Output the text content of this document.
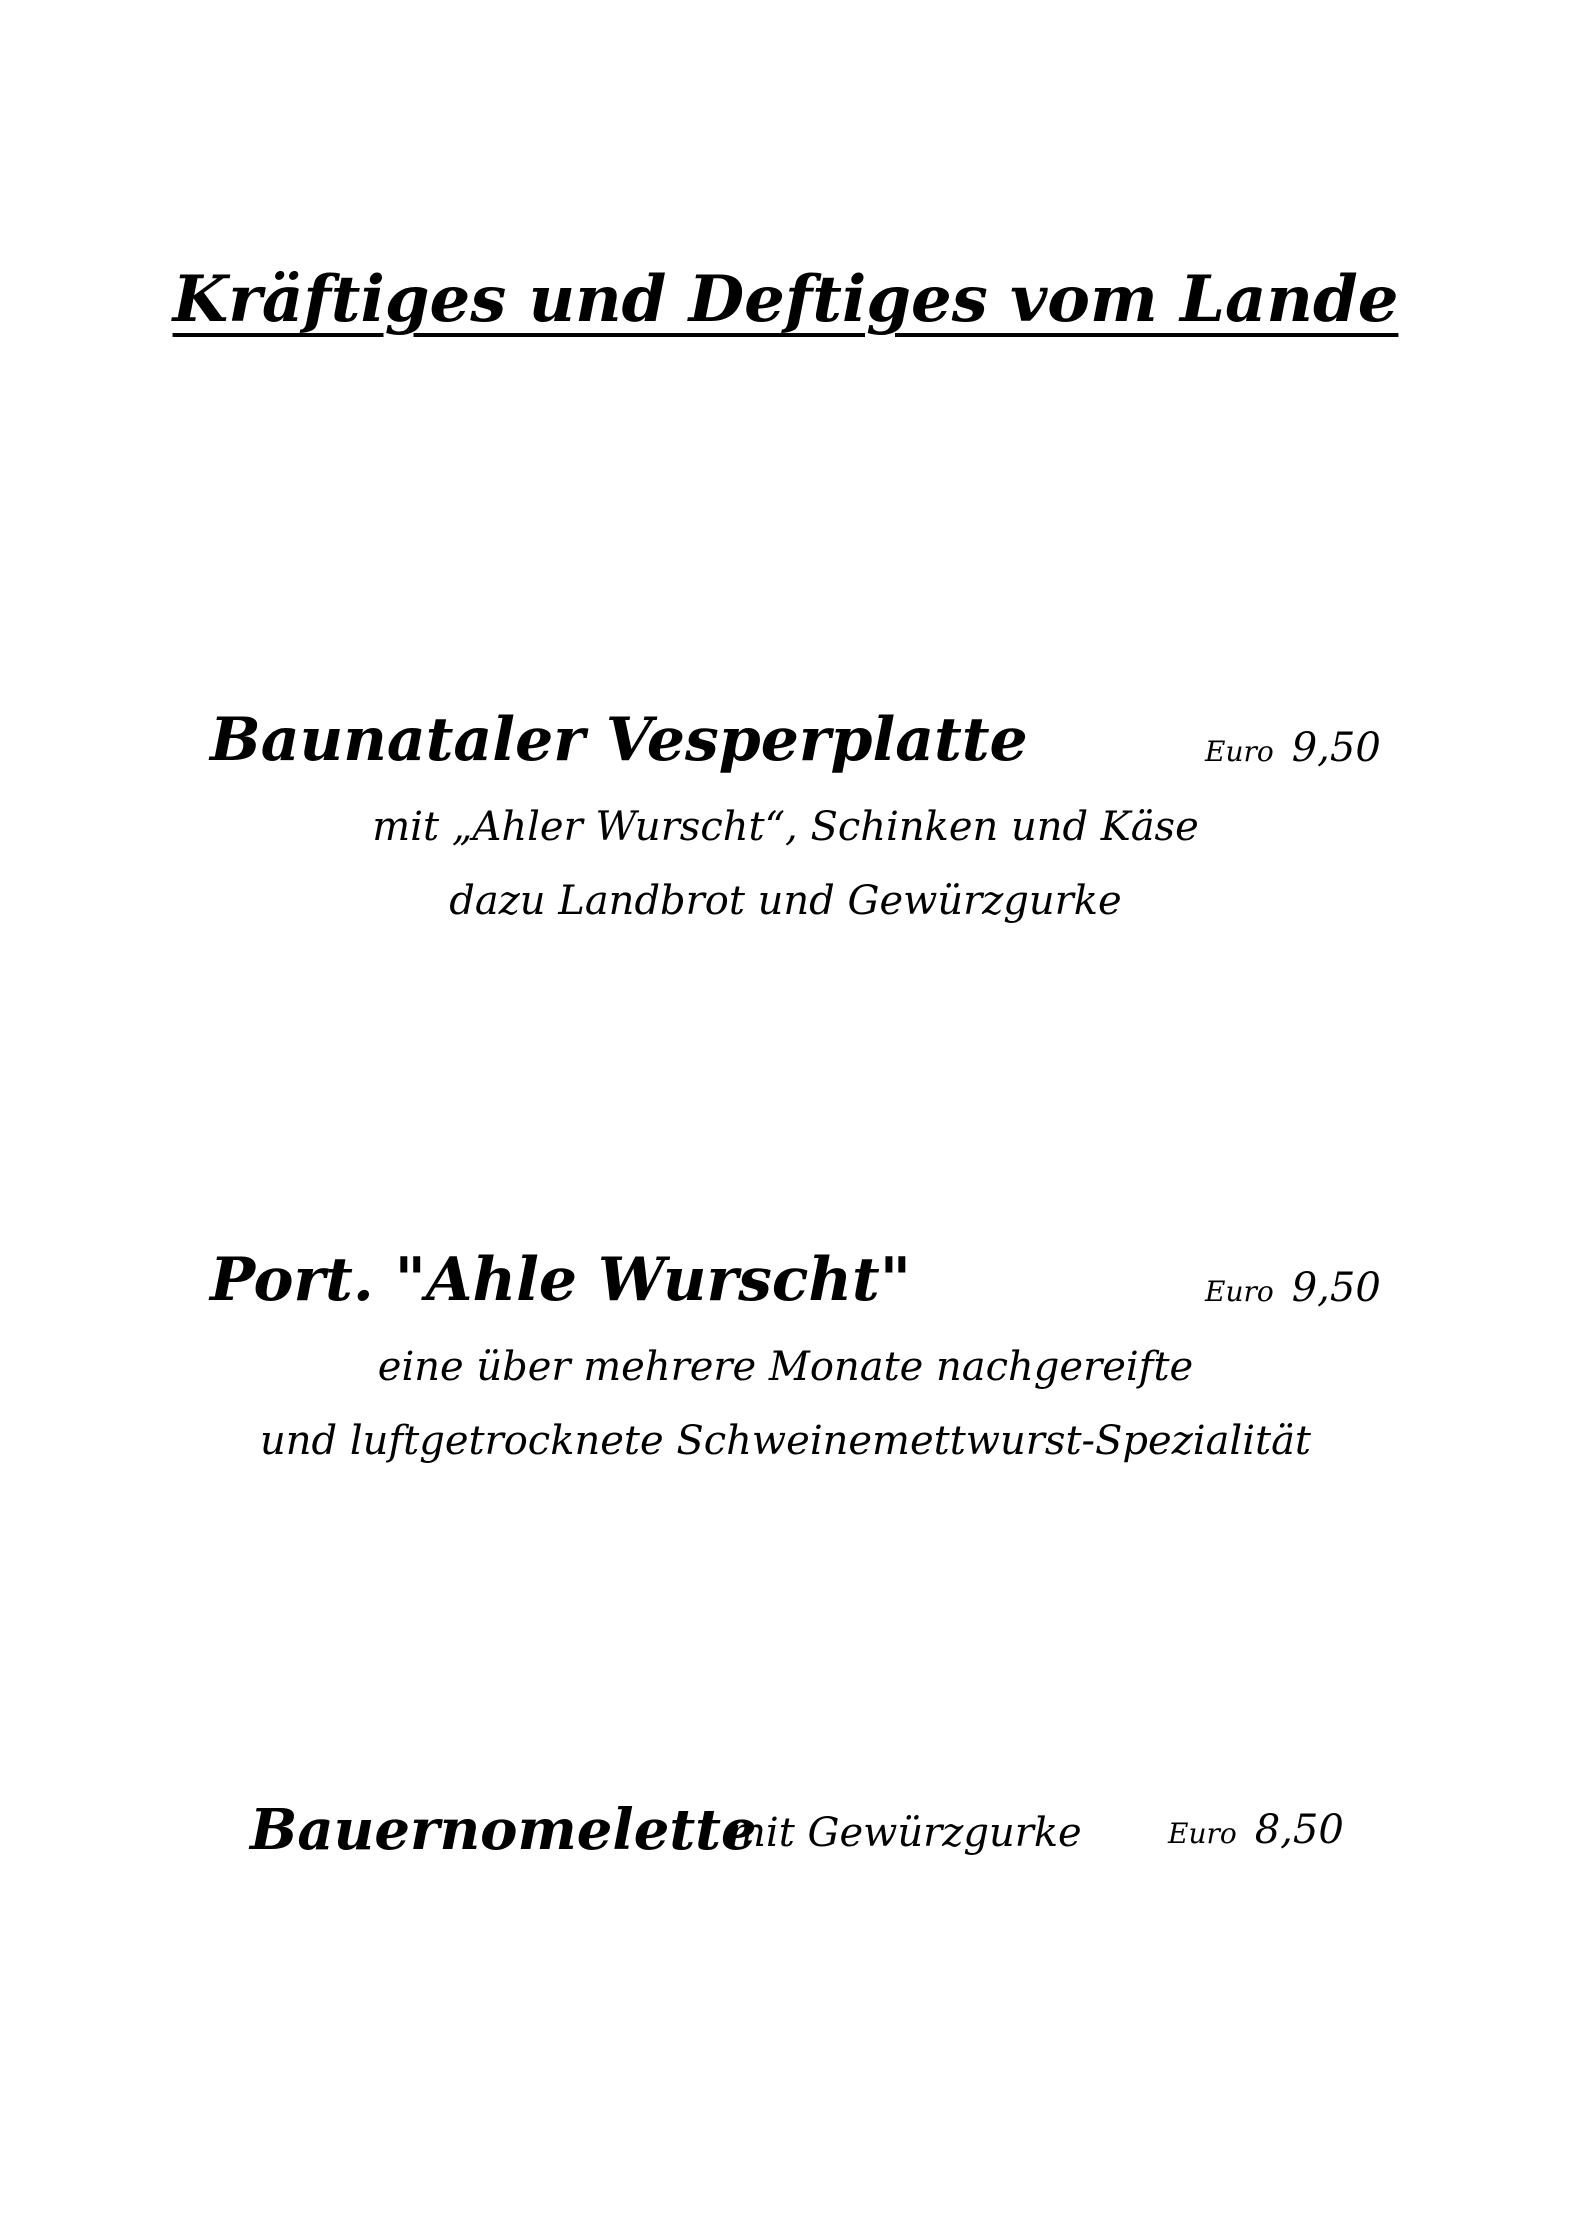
Kräftiges und Deftiges vom Lande
Baunataler Vesperplatte	Euro 9,50
mit „Ahler Wurscht“, Schinken und Käse
dazu Landbrot und Gewürzgurke
Port. "Ahle Wurscht"	Euro 9,50
eine über mehrere Monate nachgereifte
und luftgetrocknete Schweinemettwurst-Spezialität
Bauernomelette
mit Gewürzgurke	Euro 8,50
